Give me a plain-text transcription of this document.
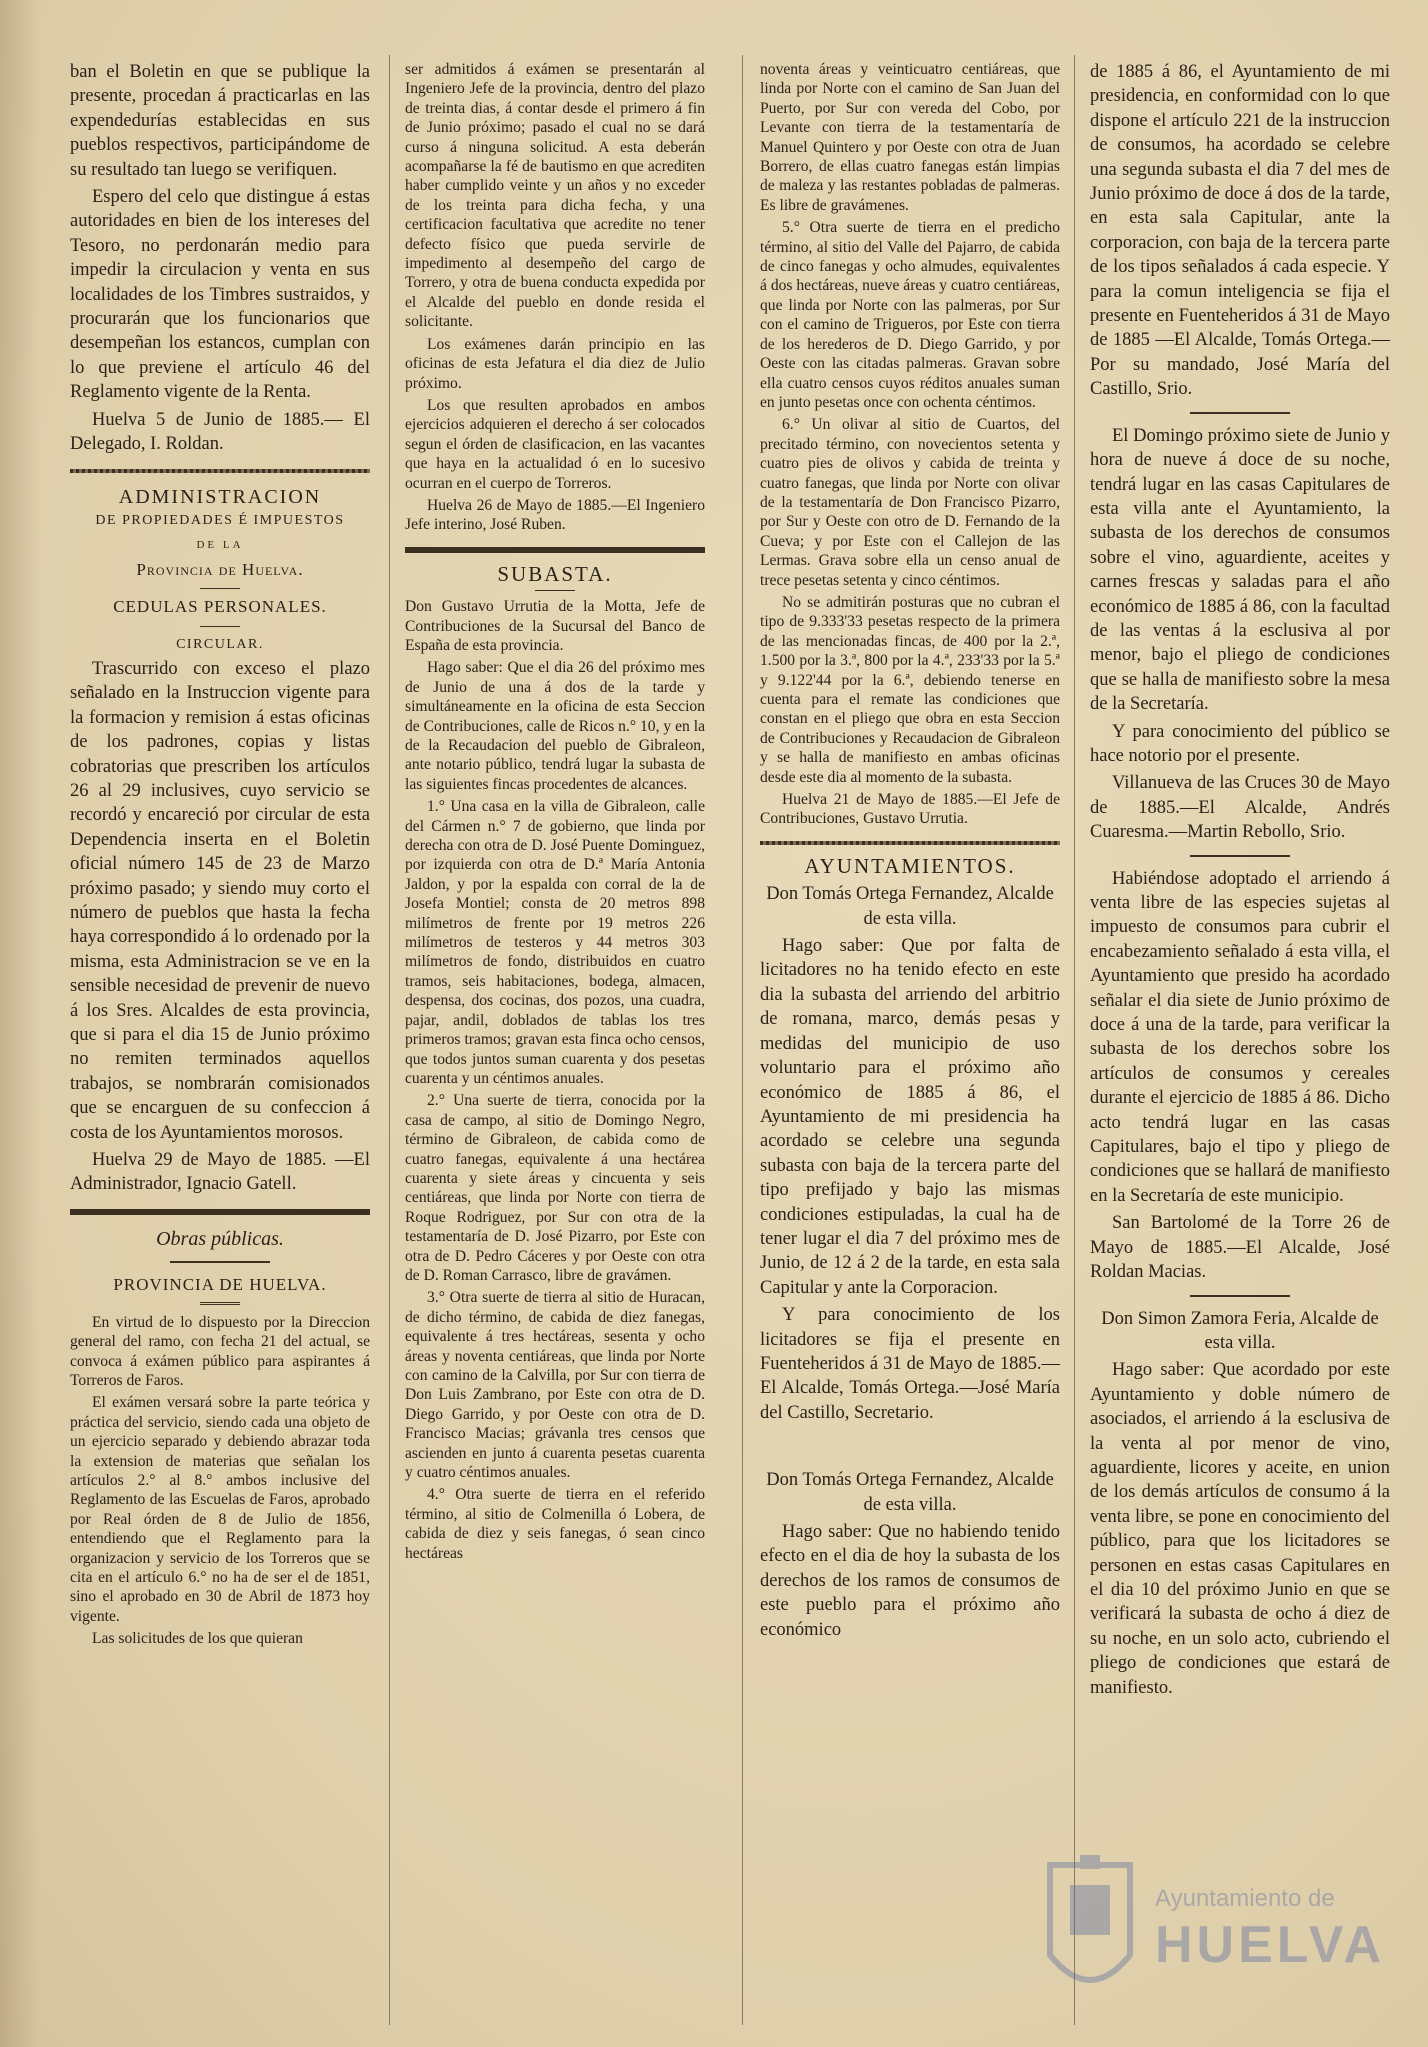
ban el Boletin en que se publique la presente, procedan á practicarlas en las expendedurías establecidas en sus pueblos respectivos, participándome de su resultado tan luego se verifiquen.

Espero del celo que distingue á estas autoridades en bien de los intereses del Tesoro, no perdonarán medio para impedir la circulacion y venta en sus localidades de los Timbres sustraidos, y procurarán que los funcionarios que desempeñan los estancos, cumplan con lo que previene el artículo 46 del Reglamento vigente de la Renta.

Huelva 5 de Junio de 1885.— El Delegado, I. Roldan.

ADMINISTRACION
DE PROPIEDADES É IMPUESTOS
DE LA
Provincia de Huelva.
CEDULAS PERSONALES.
CIRCULAR.

Trascurrido con exceso el plazo señalado en la Instruccion vigente para la formacion y remision á estas oficinas de los padrones, copias y listas cobratorias que prescriben los artículos 26 al 29 inclusives, cuyo servicio se recordó y encareció por circular de esta Dependencia inserta en el Boletin oficial número 145 de 23 de Marzo próximo pasado; y siendo muy corto el número de pueblos que hasta la fecha haya correspondido á lo ordenado por la misma, esta Administracion se ve en la sensible necesidad de prevenir de nuevo á los Sres. Alcaldes de esta provincia, que si para el dia 15 de Junio próximo no remiten terminados aquellos trabajos, se nombrarán comisionados que se encarguen de su confeccion á costa de los Ayuntamientos morosos.

Huelva 29 de Mayo de 1885. —El Administrador, Ignacio Gatell.

Obras públicas.
PROVINCIA DE HUELVA.

En virtud de lo dispuesto por la Direccion general del ramo, con fecha 21 del actual, se convoca á exámen público para aspirantes á Torreros de Faros.

El exámen versará sobre la parte teórica y práctica del servicio, siendo cada una objeto de un ejercicio separado y debiendo abrazar toda la extension de materias que señalan los artículos 2.° al 8.° ambos inclusive del Reglamento de las Escuelas de Faros, aprobado por Real órden de 8 de Julio de 1856, entendiendo que el Reglamento para la organizacion y servicio de los Torreros que se cita en el artículo 6.° no ha de ser el de 1851, sino el aprobado en 30 de Abril de 1873 hoy vigente.

Las solicitudes de los que quieran

ser admitidos á exámen se presentarán al Ingeniero Jefe de la provincia, dentro del plazo de treinta dias, á contar desde el primero á fin de Junio próximo; pasado el cual no se dará curso á ninguna solicitud. A esta deberán acompañarse la fé de bautismo en que acrediten haber cumplido veinte y un años y no exceder de los treinta para dicha fecha, y una certificacion facultativa que acredite no tener defecto físico que pueda servirle de impedimento al desempeño del cargo de Torrero, y otra de buena conducta expedida por el Alcalde del pueblo en donde resida el solicitante.

Los exámenes darán principio en las oficinas de esta Jefatura el dia diez de Julio próximo.

Los que resulten aprobados en ambos ejercicios adquieren el derecho á ser colocados segun el órden de clasificacion, en las vacantes que haya en la actualidad ó en lo sucesivo ocurran en el cuerpo de Torreros.

Huelva 26 de Mayo de 1885.—El Ingeniero Jefe interino, José Ruben.

SUBASTA.

Don Gustavo Urrutia de la Motta, Jefe de Contribuciones de la Sucursal del Banco de España de esta provincia.

Hago saber: Que el dia 26 del próximo mes de Junio de una á dos de la tarde y simultáneamente en la oficina de esta Seccion de Contribuciones, calle de Ricos n.° 10, y en la de la Recaudacion del pueblo de Gibraleon, ante notario público, tendrá lugar la subasta de las siguientes fincas procedentes de alcances.

1.° Una casa en la villa de Gibraleon, calle del Cármen n.° 7 de gobierno, que linda por derecha con otra de D. José Puente Dominguez, por izquierda con otra de D.ª María Antonia Jaldon, y por la espalda con corral de la de Josefa Montiel; consta de 20 metros 898 milímetros de frente por 19 metros 226 milímetros de testeros y 44 metros 303 milímetros de fondo, distribuidos en cuatro tramos, seis habitaciones, bodega, almacen, despensa, dos cocinas, dos pozos, una cuadra, pajar, andil, doblados de tablas los tres primeros tramos; gravan esta finca ocho censos, que todos juntos suman cuarenta y dos pesetas cuarenta y un céntimos anuales.

2.° Una suerte de tierra, conocida por la casa de campo, al sitio de Domingo Negro, término de Gibraleon, de cabida como de cuatro fanegas, equivalente á una hectárea cuarenta y siete áreas y cincuenta y seis centiáreas, que linda por Norte con tierra de Roque Rodriguez, por Sur con otra de la testamentaría de D. José Pizarro, por Este con otra de D. Pedro Cáceres y por Oeste con otra de D. Roman Carrasco, libre de gravámen.

3.° Otra suerte de tierra al sitio de Huracan, de dicho término, de cabida de diez fanegas, equivalente á tres hectáreas, sesenta y ocho áreas y noventa centiáreas, que linda por Norte con camino de la Calvilla, por Sur con tierra de Don Luis Zambrano, por Este con otra de D. Diego Garrido, y por Oeste con otra de D. Francisco Macias; grávanla tres censos que ascienden en junto á cuarenta pesetas cuarenta y cuatro céntimos anuales.

4.° Otra suerte de tierra en el referido término, al sitio de Colmenilla ó Lobera, de cabida de diez y seis fanegas, ó sean cinco hectáreas

noventa áreas y veinticuatro centiáreas, que linda por Norte con el camino de San Juan del Puerto, por Sur con vereda del Cobo, por Levante con tierra de la testamentaría de Manuel Quintero y por Oeste con otra de Juan Borrero, de ellas cuatro fanegas están limpias de maleza y las restantes pobladas de palmeras. Es libre de gravámenes.

5.° Otra suerte de tierra en el predicho término, al sitio del Valle del Pajarro, de cabida de cinco fanegas y ocho almudes, equivalentes á dos hectáreas, nueve áreas y cuatro centiáreas, que linda por Norte con las palmeras, por Sur con el camino de Trigueros, por Este con tierra de los herederos de D. Diego Garrido, y por Oeste con las citadas palmeras. Gravan sobre ella cuatro censos cuyos réditos anuales suman en junto pesetas once con ochenta céntimos.

6.° Un olivar al sitio de Cuartos, del precitado término, con novecientos setenta y cuatro pies de olivos y cabida de treinta y cuatro fanegas, que linda por Norte con olivar de la testamentaría de Don Francisco Pizarro, por Sur y Oeste con otro de D. Fernando de la Cueva; y por Este con el Callejon de las Lermas. Grava sobre ella un censo anual de trece pesetas setenta y cinco céntimos.

No se admitirán posturas que no cubran el tipo de 9.333'33 pesetas respecto de la primera de las mencionadas fincas, de 400 por la 2.ª, 1.500 por la 3.ª, 800 por la 4.ª, 233'33 por la 5.ª y 9.122'44 por la 6.ª, debiendo tenerse en cuenta para el remate las condiciones que constan en el pliego que obra en esta Seccion de Contribuciones y Recaudacion de Gibraleon y se halla de manifiesto en ambas oficinas desde este dia al momento de la subasta.

Huelva 21 de Mayo de 1885.—El Jefe de Contribuciones, Gustavo Urrutia.

AYUNTAMIENTOS.

Don Tomás Ortega Fernandez, Alcalde de esta villa.

Hago saber: Que por falta de licitadores no ha tenido efecto en este dia la subasta del arriendo del arbitrio de romana, marco, demás pesas y medidas del municipio de uso voluntario para el próximo año económico de 1885 á 86, el Ayuntamiento de mi presidencia ha acordado se celebre una segunda subasta con baja de la tercera parte del tipo prefijado y bajo las mismas condiciones estipuladas, la cual ha de tener lugar el dia 7 del próximo mes de Junio, de 12 á 2 de la tarde, en esta sala Capitular y ante la Corporacion.

Y para conocimiento de los licitadores se fija el presente en Fuenteheridos á 31 de Mayo de 1885.—El Alcalde, Tomás Ortega.—José María del Castillo, Secretario.

Don Tomás Ortega Fernandez, Alcalde de esta villa.

Hago saber: Que no habiendo tenido efecto en el dia de hoy la subasta de los derechos de los ramos de consumos de este pueblo para el próximo año económico

de 1885 á 86, el Ayuntamiento de mi presidencia, en conformidad con lo que dispone el artículo 221 de la instruccion de consumos, ha acordado se celebre una segunda subasta el dia 7 del mes de Junio próximo de doce á dos de la tarde, en esta sala Capitular, ante la corporacion, con baja de la tercera parte de los tipos señalados á cada especie. Y para la comun inteligencia se fija el presente en Fuenteheridos á 31 de Mayo de 1885 —El Alcalde, Tomás Ortega.—Por su mandado, José María del Castillo, Srio.

El Domingo próximo siete de Junio y hora de nueve á doce de su noche, tendrá lugar en las casas Capitulares de esta villa ante el Ayuntamiento, la subasta de los derechos de consumos sobre el vino, aguardiente, aceites y carnes frescas y saladas para el año económico de 1885 á 86, con la facultad de las ventas á la esclusiva al por menor, bajo el pliego de condiciones que se halla de manifiesto sobre la mesa de la Secretaría.

Y para conocimiento del público se hace notorio por el presente.

Villanueva de las Cruces 30 de Mayo de 1885.—El Alcalde, Andrés Cuaresma.—Martin Rebollo, Srio.

Habiéndose adoptado el arriendo á venta libre de las especies sujetas al impuesto de consumos para cubrir el encabezamiento señalado á esta villa, el Ayuntamiento que presido ha acordado señalar el dia siete de Junio próximo de doce á una de la tarde, para verificar la subasta de los derechos sobre los artículos de consumos y cereales durante el ejercicio de 1885 á 86. Dicho acto tendrá lugar en las casas Capitulares, bajo el tipo y pliego de condiciones que se hallará de manifiesto en la Secretaría de este municipio.

San Bartolomé de la Torre 26 de Mayo de 1885.—El Alcalde, José Roldan Macias.

Don Simon Zamora Feria, Alcalde de esta villa.

Hago saber: Que acordado por este Ayuntamiento y doble número de asociados, el arriendo á la esclusiva de la venta al por menor de vino, aguardiente, licores y aceite, en union de los demás artículos de consumo á la venta libre, se pone en conocimiento del público, para que los licitadores se personen en estas casas Capitulares en el dia 10 del próximo Junio en que se verificará la subasta de ocho á diez de su noche, en un solo acto, cubriendo el pliego de condiciones que estará de manifiesto.

Ayuntamiento de
HUELVA
